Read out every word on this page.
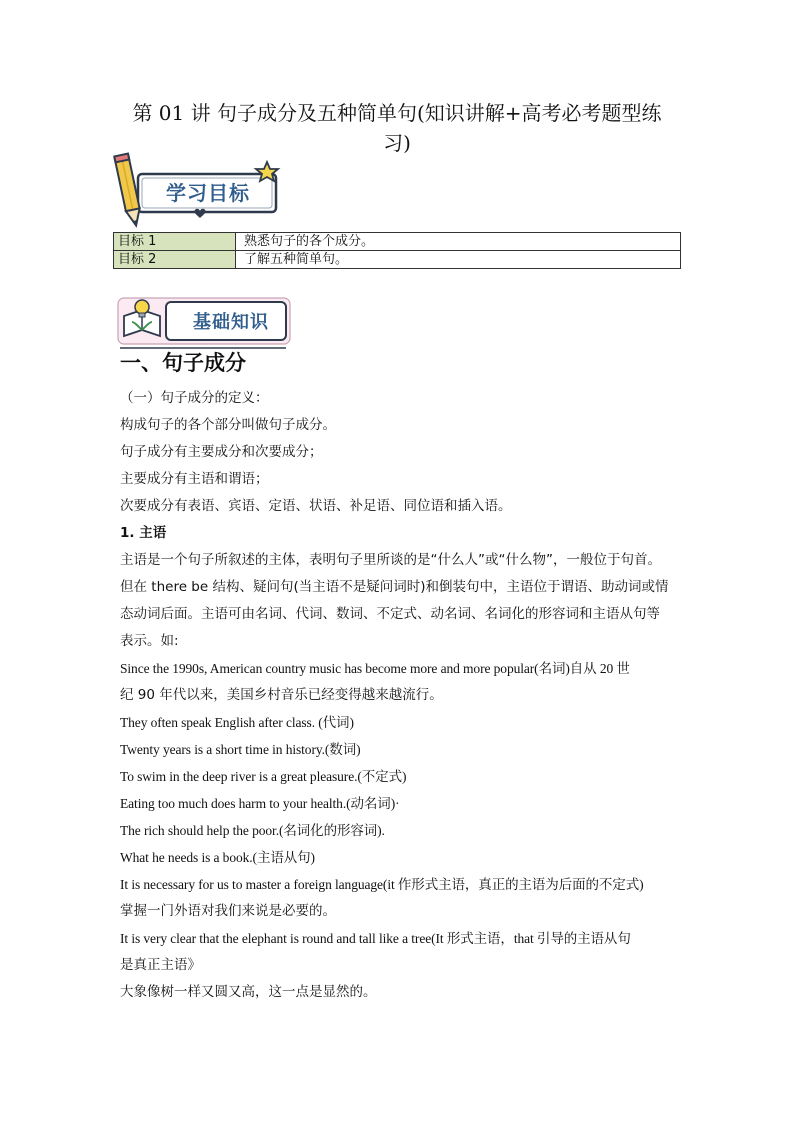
第 01 讲 句子成分及五种简单句(知识讲解+高考必考题型练
习)
学习目标
目标 1	熟悉句子的各个成分。
目标 2	了解五种简单句。
基础知识
一、句子成分

（一）句子成分的定义：

构成句子的各个部分叫做句子成分。

句子成分有主要成分和次要成分；

主要成分有主语和谓语；

次要成分有表语、宾语、定语、状语、补足语、同位语和插入语。

1. 主语

主语是一个句子所叙述的主体，表明句子里所谈的是“什么人”或“什么物”，一般位于句首。

但在 there be 结构、疑问句(当主语不是疑问词时)和倒装句中，主语位于谓语、助动词或情

态动词后面。主语可由名词、代词、数词、不定式、动名词、名词化的形容词和主语从句等

表示。如:

Since the 1990s, American country music has become more and more popular(名词)自从 20 世

纪 90 年代以来，美国乡村音乐已经变得越来越流行。

They often speak English after class. (代词)

Twenty years is a short time in history.(数词)

To swim in the deep river is a great pleasure.(不定式)

Eating too much does harm to your health.(动名词)·

The rich should help the poor.(名词化的形容词).

What he needs is a book.(主语从句)

It is necessary for us to master a foreign language(it 作形式主语，真正的主语为后面的不定式)

掌握一门外语对我们来说是必要的。

It is very clear that the elephant is round and tall like a tree(It 形式主语，that 引导的主语从句

是真正主语》

大象像树一样又圆又高，这一点是显然的。
